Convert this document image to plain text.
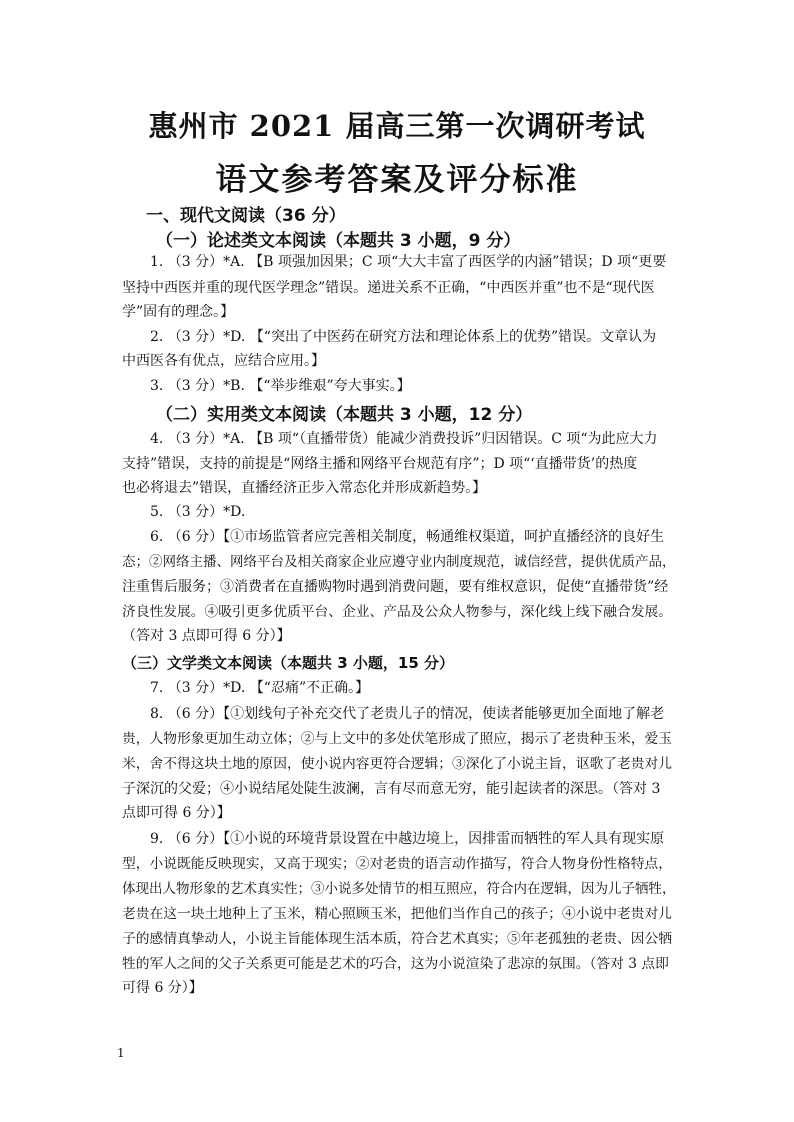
惠州市 2021 届高三第一次调研考试
语文参考答案及评分标准
一、现代文阅读（36 分）
（一）论述类文本阅读（本题共 3 小题，9 分）
1. （3 分）*A. 【B 项强加因果；C 项“大大丰富了西医学的内涵”错误；D 项“更要
坚持中西医并重的现代医学理念”错误。递进关系不正确，“中西医并重”也不是“现代医
学”固有的理念。】
2. （3 分）*D. 【“突出了中医药在研究方法和理论体系上的优势”错误。文章认为
中西医各有优点，应结合应用。】
3. （3 分）*B. 【“举步维艰”夸大事实。】
（二）实用类文本阅读（本题共 3 小题，12 分）
4. （3 分）*A. 【B 项“（直播带货）能减少消费投诉”归因错误。C 项“为此应大力
支持”错误，支持的前提是“网络主播和网络平台规范有序”；D 项“‘直播带货’的热度
也必将退去”错误，直播经济正步入常态化并形成新趋势。】
5. （3 分）*D.
6. （6 分）【①市场监管者应完善相关制度，畅通维权渠道，呵护直播经济的良好生
态；②网络主播、网络平台及相关商家企业应遵守业内制度规范，诚信经营，提供优质产品，
注重售后服务；③消费者在直播购物时遇到消费问题，要有维权意识，促使“直播带货”经
济良性发展。④吸引更多优质平台、企业、产品及公众人物参与，深化线上线下融合发展。
（答对 3 点即可得 6 分）】
（三）文学类文本阅读（本题共 3 小题，15 分）
7. （3 分）*D. 【“忍痛”不正确。】
8. （6 分）【①划线句子补充交代了老贵儿子的情况，使读者能够更加全面地了解老
贵，人物形象更加生动立体；②与上文中的多处伏笔形成了照应，揭示了老贵种玉米，爱玉
米，舍不得这块土地的原因，使小说内容更符合逻辑；③深化了小说主旨，讴歌了老贵对儿
子深沉的父爱；④小说结尾处陡生波澜，言有尽而意无穷，能引起读者的深思。（答对 3
点即可得 6 分）】
9. （6 分）【①小说的环境背景设置在中越边境上，因排雷而牺牲的军人具有现实原
型，小说既能反映现实，又高于现实；②对老贵的语言动作描写，符合人物身份性格特点，
体现出人物形象的艺术真实性；③小说多处情节的相互照应，符合内在逻辑，因为儿子牺牲，
老贵在这一块土地种上了玉米，精心照顾玉米，把他们当作自己的孩子；④小说中老贵对儿
子的感情真挚动人，小说主旨能体现生活本质，符合艺术真实；⑤年老孤独的老贵、因公牺
牲的军人之间的父子关系更可能是艺术的巧合，这为小说渲染了悲凉的氛围。（答对 3 点即
可得 6 分）】
1
